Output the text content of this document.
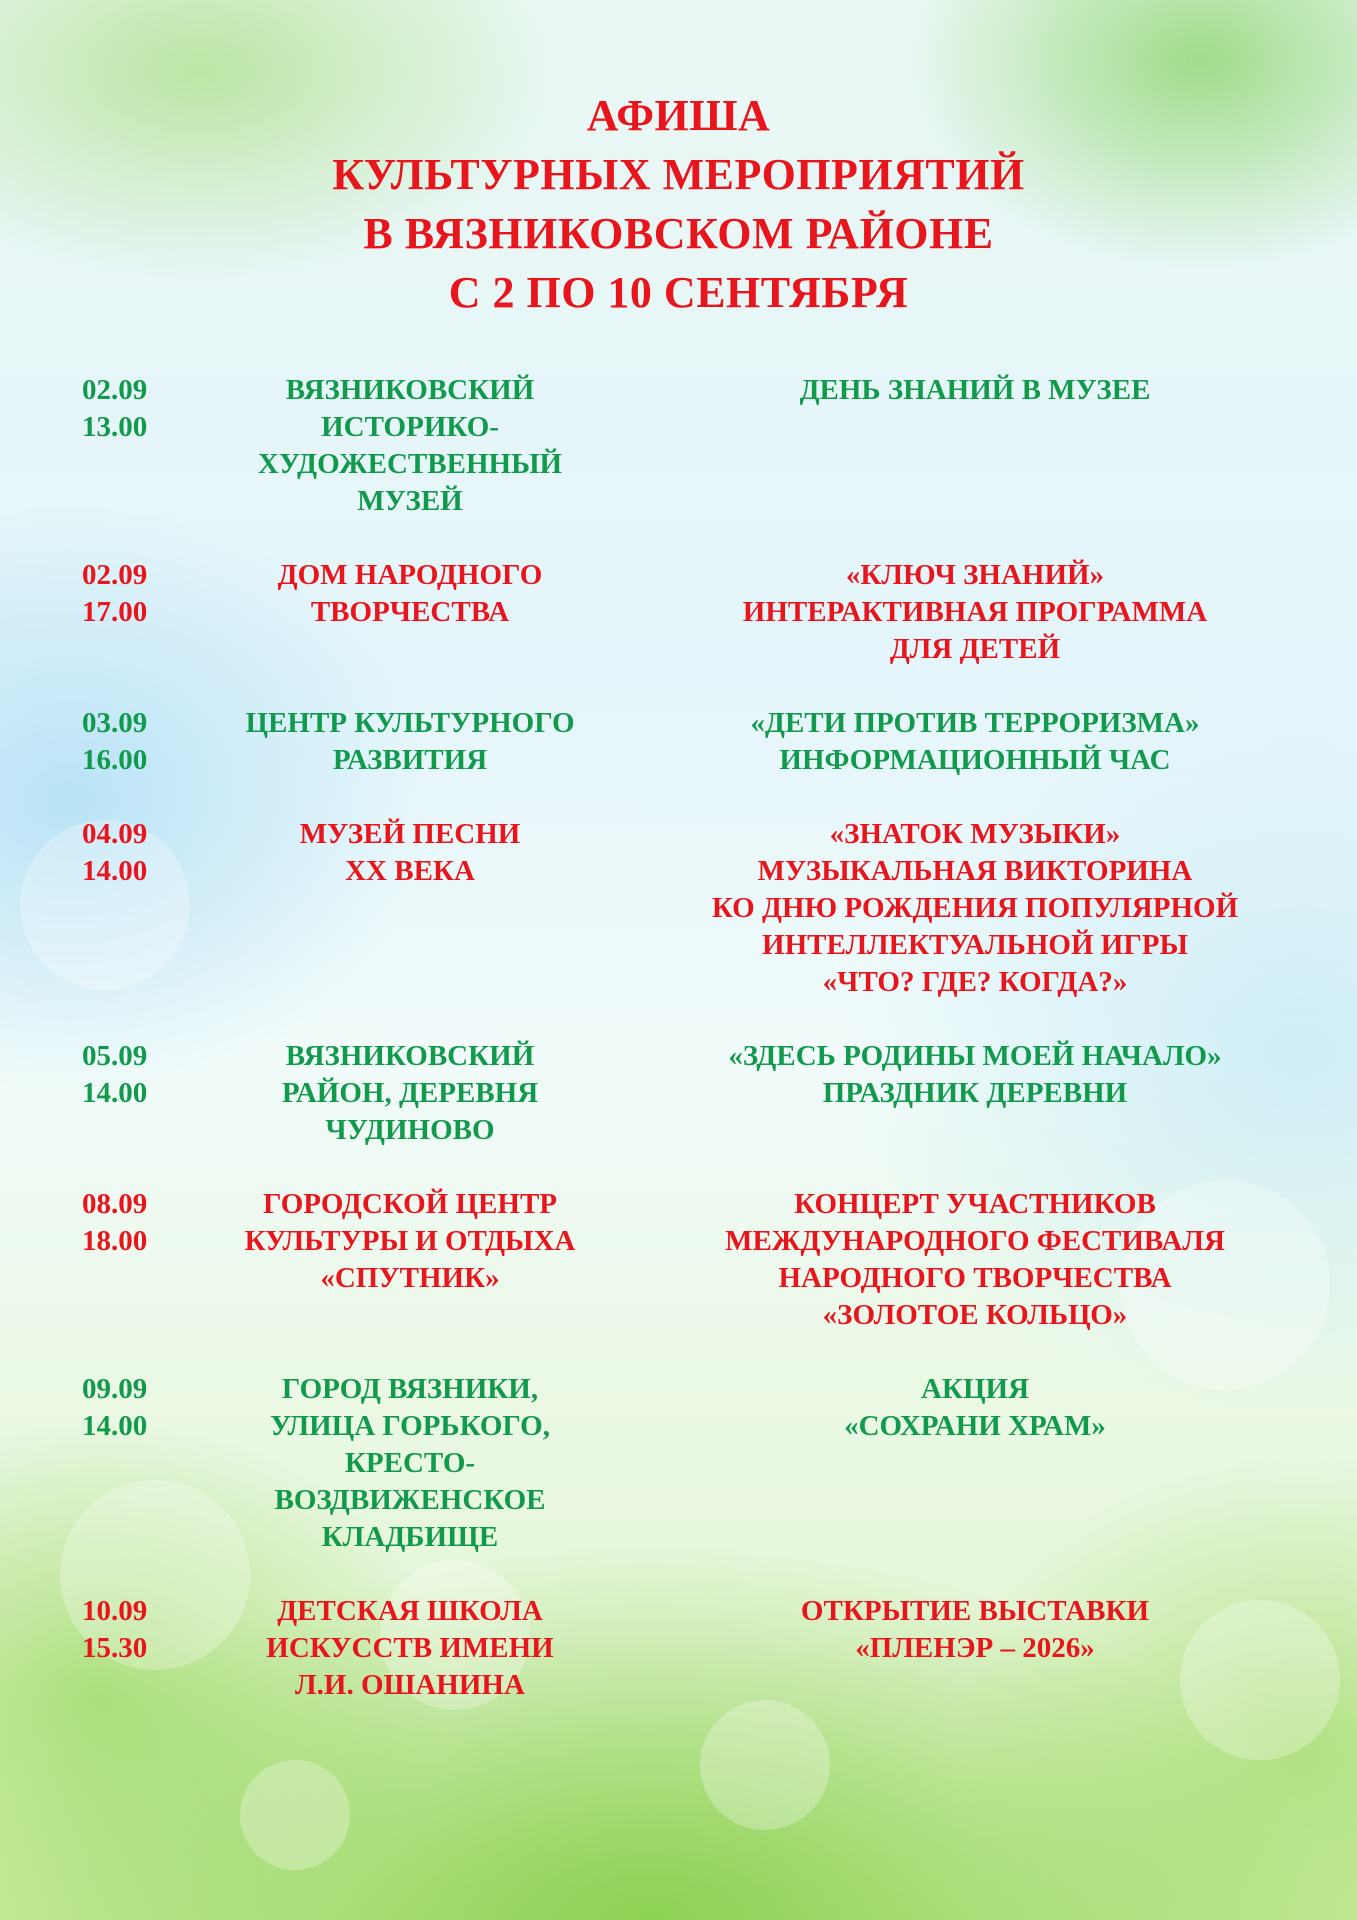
АФИША
КУЛЬТУРНЫХ МЕРОПРИЯТИЙ
В ВЯЗНИКОВСКОМ РАЙОНЕ
С 2 ПО 10 СЕНТЯБРЯ
02.09
13.00
ВЯЗНИКОВСКИЙ
ИСТОРИКО-
ХУДОЖЕСТВЕННЫЙ
МУЗЕЙ
ДЕНЬ ЗНАНИЙ В МУЗЕЕ
02.09
17.00
ДОМ НАРОДНОГО
ТВОРЧЕСТВА
«КЛЮЧ ЗНАНИЙ»
ИНТЕРАКТИВНАЯ ПРОГРАММА
ДЛЯ ДЕТЕЙ
03.09
16.00
ЦЕНТР КУЛЬТУРНОГО
РАЗВИТИЯ
«ДЕТИ ПРОТИВ ТЕРРОРИЗМА»
ИНФОРМАЦИОННЫЙ ЧАС
04.09
14.00
МУЗЕЙ ПЕСНИ
XX ВЕКА
«ЗНАТОК МУЗЫКИ»
МУЗЫКАЛЬНАЯ ВИКТОРИНА
КО ДНЮ РОЖДЕНИЯ ПОПУЛЯРНОЙ
ИНТЕЛЛЕКТУАЛЬНОЙ ИГРЫ
«ЧТО? ГДЕ? КОГДА?»
05.09
14.00
ВЯЗНИКОВСКИЙ
РАЙОН, ДЕРЕВНЯ
ЧУДИНОВО
«ЗДЕСЬ РОДИНЫ МОЕЙ НАЧАЛО»
ПРАЗДНИК ДЕРЕВНИ
08.09
18.00
ГОРОДСКОЙ ЦЕНТР
КУЛЬТУРЫ И ОТДЫХА
«СПУТНИК»
КОНЦЕРТ УЧАСТНИКОВ
МЕЖДУНАРОДНОГО ФЕСТИВАЛЯ
НАРОДНОГО ТВОРЧЕСТВА
«ЗОЛОТОЕ КОЛЬЦО»
09.09
14.00
ГОРОД ВЯЗНИКИ,
УЛИЦА ГОРЬКОГО,
КРЕСТО-
ВОЗДВИЖЕНСКОЕ
КЛАДБИЩЕ
АКЦИЯ
«СОХРАНИ ХРАМ»
10.09
15.30
ДЕТСКАЯ ШКОЛА
ИСКУССТВ ИМЕНИ
Л.И. ОШАНИНА
ОТКРЫТИЕ ВЫСТАВКИ
«ПЛЕНЭР – 2026»
